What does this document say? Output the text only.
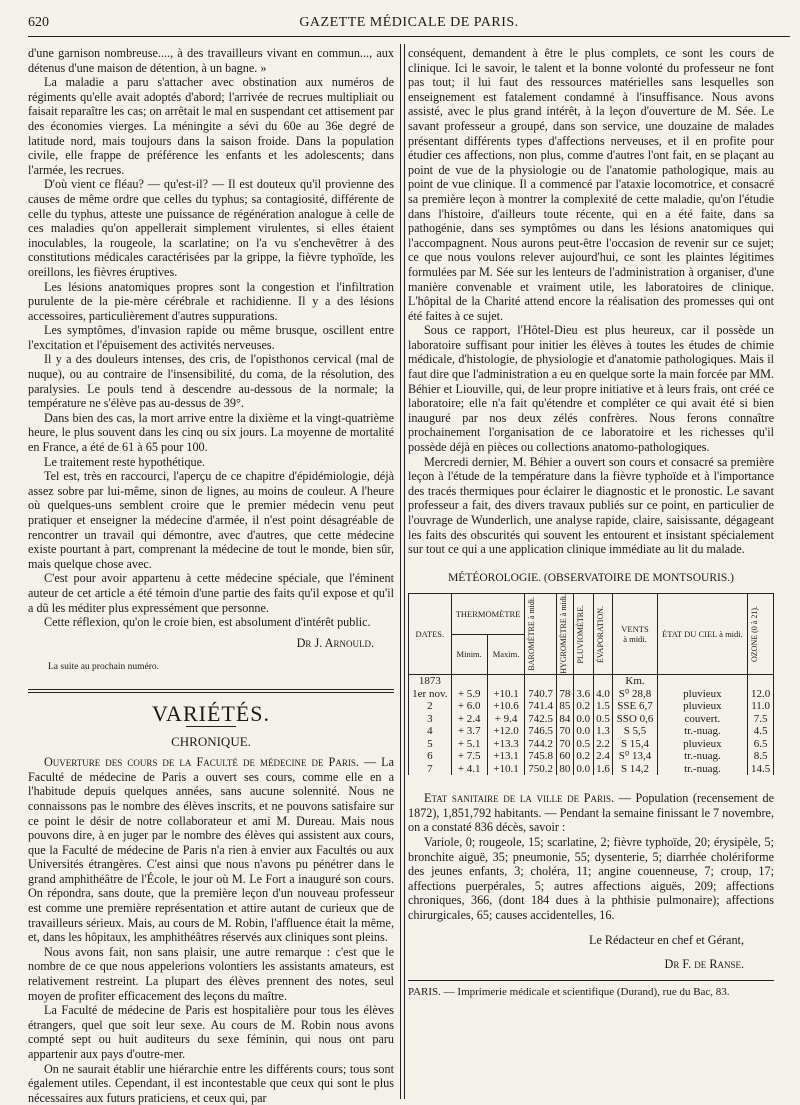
620	GAZETTE MÉDICALE DE PARIS.

d'une garnison nombreuse...., à des travailleurs vivant en commun..., aux détenus d'une maison de détention, à un bagne. »

La maladie a paru s'attacher avec obstination aux numéros de régiments qu'elle avait adoptés d'abord; l'arrivée de recrues multipliait ou faisait reparaître les cas; on arrêtait le mal en suspendant cet attisement par des économies vierges. La méningite a sévi du 60e au 36e degré de latitude nord, mais toujours dans la saison froide. Dans la population civile, elle frappe de préférence les enfants et les adolescents; dans l'armée, les recrues.

D'où vient ce fléau? — qu'est-il? — Il est douteux qu'il provienne des causes de même ordre que celles du typhus; sa contagiosité, différente de celle du typhus, atteste une puissance de régénération analogue à celle de ces maladies qu'on appellerait simplement virulentes, si elles étaient inoculables, la rougeole, la scarlatine; on l'a vu s'enchevêtrer à des constitutions médicales caractérisées par la grippe, la fièvre typhoïde, les oreillons, les fièvres éruptives.

Les lésions anatomiques propres sont la congestion et l'infiltration purulente de la pie-mère cérébrale et rachidienne. Il y a des lésions accessoires, particulièrement d'autres suppurations.

Les symptômes, d'invasion rapide ou même brusque, oscillent entre l'excitation et l'épuisement des activités nerveuses.

Il y a des douleurs intenses, des cris, de l'opisthonos cervical (mal de nuque), ou au contraire de l'insensibilité, du coma, de la résolution, des paralysies. Le pouls tend à descendre au-dessous de la normale; la température ne s'élève pas au-dessus de 39°.

Dans bien des cas, la mort arrive entre la dixième et la vingt-quatrième heure, le plus souvent dans les cinq ou six jours. La moyenne de mortalité en France, a été de 61 à 65 pour 100.

Le traitement reste hypothétique.

Tel est, très en raccourci, l'aperçu de ce chapitre d'épidémiologie, déjà assez sobre par lui-même, sinon de lignes, au moins de couleur. A l'heure où quelques-uns semblent croire que le premier médecin venu peut pratiquer et enseigner la médecine d'armée, il n'est point désagréable de rencontrer un travail qui démontre, avec d'autres, que cette médecine existe pourtant à part, comprenant la médecine de tout le monde, bien sûr, mais quelque chose avec.

C'est pour avoir appartenu à cette médecine spéciale, que l'éminent auteur de cet article a été témoin d'une partie des faits qu'il expose et qu'il a dû les méditer plus expressément que personne.

Cette réflexion, qu'on le croie bien, est absolument d'intérêt public.

Dr J. Arnould.
La suite au prochain numéro.
VARIÉTÉS.
CHRONIQUE.

Ouverture des cours de la Faculté de médecine de Paris. — La Faculté de médecine de Paris a ouvert ses cours, comme elle en a l'habitude depuis quelques années, sans aucune solennité. Nous ne connaissons pas le nombre des élèves inscrits, et ne pouvons satisfaire sur ce point le désir de notre collaborateur et ami M. Dureau. Mais nous pouvons dire, à en juger par le nombre des élèves qui assistent aux cours, que la Faculté de médecine de Paris n'a rien à envier aux Facultés ou aux Universités étrangères. C'est ainsi que nous n'avons pu pénétrer dans le grand amphithéâtre de l'École, le jour où M. Le Fort a inauguré son cours. On répondra, sans doute, que la première leçon d'un nouveau professeur est comme une première représentation et attire autant de curieux que de travailleurs sérieux. Mais, au cours de M. Robin, l'affluence était la même, et, dans les hôpitaux, les amphithéâtres réservés aux cliniques sont pleins.

Nous avons fait, non sans plaisir, une autre remarque : c'est que le nombre de ce que nous appelerions volontiers les assistants amateurs, est relativement restreint. La plupart des élèves prennent des notes, seul moyen de profiter efficacement des leçons du maître.

La Faculté de médecine de Paris est hospitalière pour tous les élèves étrangers, quel que soit leur sexe. Au cours de M. Robin nous avons compté sept ou huit auditeurs du sexe féminin, qui nous ont paru appartenir aux pays d'outre-mer.

On ne saurait établir une hiérarchie entre les différents cours; tous sont également utiles. Cependant, il est incontestable que ceux qui sont le plus nécessaires aux futurs praticiens, et ceux qui, par

conséquent, demandent à être le plus complets, ce sont les cours de clinique. Ici le savoir, le talent et la bonne volonté du professeur ne font pas tout; il lui faut des ressources matérielles sans lesquelles son enseignement est fatalement condamné à l'insuffisance. Nous avons assisté, avec le plus grand intérêt, à la leçon d'ouverture de M. Sée. Le savant professeur a groupé, dans son service, une douzaine de malades présentant différents types d'affections nerveuses, et il en profite pour étudier ces affections, non plus, comme d'autres l'ont fait, en se plaçant au point de vue de la physiologie ou de l'anatomie pathologique, mais au point de vue clinique. Il a commencé par l'ataxie locomotrice, et consacré sa première leçon à montrer la complexité de cette maladie, qu'on l'étudie dans l'histoire, d'ailleurs toute récente, qui en a été faite, dans sa pathogénie, dans ses symptômes ou dans les lésions anatomiques qui l'accompagnent. Nous aurons peut-être l'occasion de revenir sur ce sujet; ce que nous voulons relever aujourd'hui, ce sont les plaintes légitimes formulées par M. Sée sur les lenteurs de l'administration à organiser, d'une manière convenable et vraiment utile, les laboratoires de clinique. L'hôpital de la Charité attend encore la réalisation des promesses qui ont été faites à ce sujet.

Sous ce rapport, l'Hôtel-Dieu est plus heureux, car il possède un laboratoire suffisant pour initier les élèves à toutes les études de chimie médicale, d'histologie, de physiologie et d'anatomie pathologiques. Mais il faut dire que l'administration a eu en quelque sorte la main forcée par MM. Béhier et Liouville, qui, de leur propre initiative et à leurs frais, ont créé ce laboratoire; elle n'a fait qu'étendre et compléter ce qui avait été si bien inauguré par nos deux zélés confrères. Nous ferons connaître prochainement l'organisation de ce laboratoire et les richesses qu'il possède déjà en pièces ou collections anatomo-pathologiques.

Mercredi dernier, M. Béhier a ouvert son cours et consacré sa première leçon à l'étude de la température dans la fièvre typhoïde et à l'importance des tracés thermiques pour éclairer le diagnostic et le pronostic. Le savant professeur a fait, des divers travaux publiés sur ce point, en particulier de l'ouvrage de Wunderlich, une analyse rapide, claire, saisissante, dégageant les faits des obscurités qui souvent les entourent et insistant spécialement sur tout ce qui a une application clinique immédiate au lit du malade.

MÉTÉOROLOGIE. (OBSERVATOIRE DE MONTSOURIS.)
DATES.	THERMOMÈTRE		BAROMÈTRE à midi.	HYGROMÈTRE à midi.	PLUVIOMÈTRE.	ÉVAPORATION.	VENTS
à midi.	ÉTAT DU CIEL à midi.	OZONE (0 à 21).

	Minim.	Maxim.							
1873							Km.		
1er nov.	+ 5.9	+10.1	740.7	78	3.6	4.0	S⁰ 28,8	pluvieux	12.0
2	+ 6.0	+10.6	741.4	85	0.2	1.5	SSE 6,7	pluvieux	11.0
3	+ 2.4	+ 9.4	742.5	84	0.0	0.5	SSO 0,6	couvert.	7.5
4	+ 3.7	+12.0	746.5	70	0.0	1.3	S 5,5	tr.-nuag.	4.5
5	+ 5.1	+13.3	744.2	70	0.5	2.2	S 15,4	pluvieux	6.5
6	+ 7.5	+13.1	745.8	60	0.2	2.4	S⁰ 13,4	tr.-nuag.	8.5
7	+ 4.1	+10.1	750.2	80	0.0	1.6	S 14,2	tr.-nuag.	14.5

Etat sanitaire de la ville de Paris. — Population (recensement de 1872), 1,851,792 habitants. — Pendant la semaine finissant le 7 novembre, on a constaté 836 décès, savoir :

Variole, 0; rougeole, 15; scarlatine, 2; fièvre typhoïde, 20; érysipèle, 5; bronchite aiguë, 35; pneumonie, 55; dysenterie, 5; diarrhée cholériforme des jeunes enfants, 3; choléra, 11; angine couenneuse, 7; croup, 17; affections puerpérales, 5; autres affections aiguës, 209; affections chroniques, 366, (dont 184 dues à la phthisie pulmonaire); affections chirurgicales, 65; causes accidentelles, 16.

Le Rédacteur en chef et Gérant,
Dr F. de Ranse.
PARIS. — Imprimerie médicale et scientifique (Durand), rue du Bac, 83.
